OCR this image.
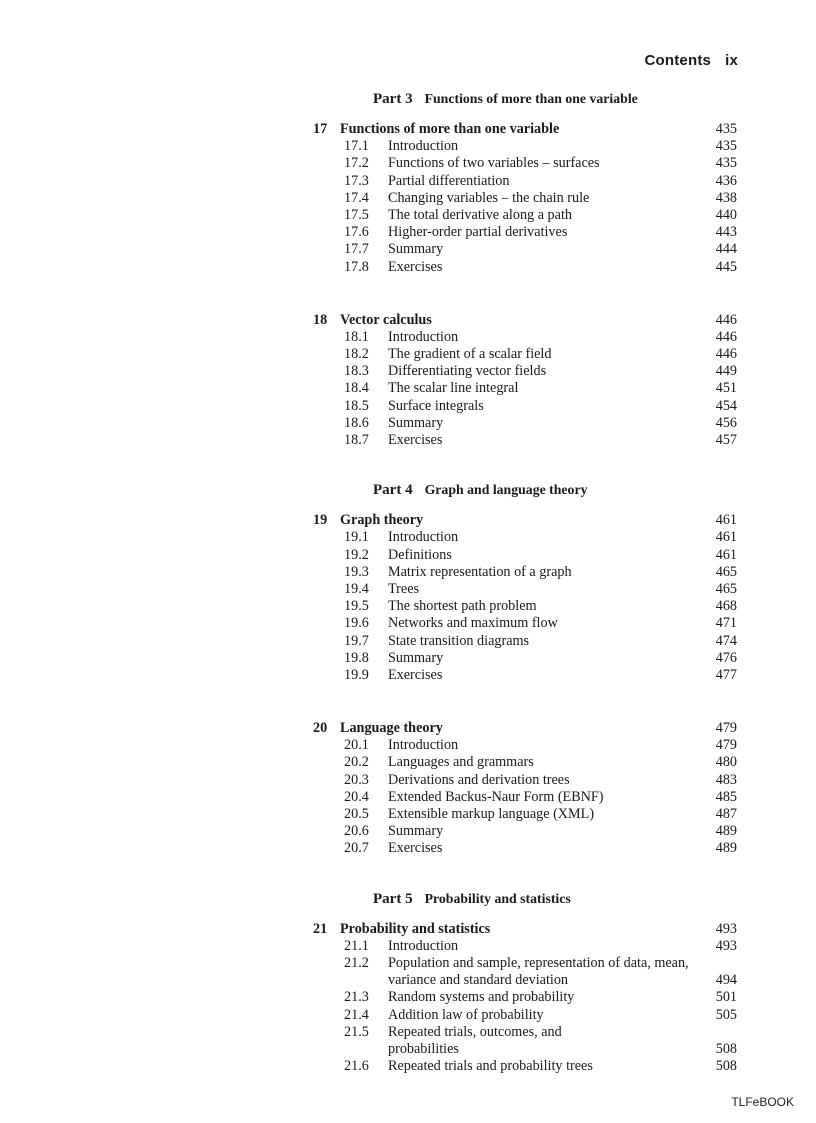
Contents ix
Part 3 Functions of more than one variable
17 Functions of more than one variable	435
17.1 Introduction	435
17.2 Functions of two variables – surfaces	435
17.3 Partial differentiation	436
17.4 Changing variables – the chain rule	438
17.5 The total derivative along a path	440
17.6 Higher-order partial derivatives	443
17.7 Summary	444
17.8 Exercises	445
18 Vector calculus	446
18.1 Introduction	446
18.2 The gradient of a scalar field	446
18.3 Differentiating vector fields	449
18.4 The scalar line integral	451
18.5 Surface integrals	454
18.6 Summary	456
18.7 Exercises	457
Part 4 Graph and language theory
19 Graph theory	461
19.1 Introduction	461
19.2 Definitions	461
19.3 Matrix representation of a graph	465
19.4 Trees	465
19.5 The shortest path problem	468
19.6 Networks and maximum flow	471
19.7 State transition diagrams	474
19.8 Summary	476
19.9 Exercises	477
20 Language theory	479
20.1 Introduction	479
20.2 Languages and grammars	480
20.3 Derivations and derivation trees	483
20.4 Extended Backus-Naur Form (EBNF)	485
20.5 Extensible markup language (XML)	487
20.6 Summary	489
20.7 Exercises	489
Part 5 Probability and statistics
21 Probability and statistics	493
21.1 Introduction	493
21.2 Population and sample, representation of data, mean,
variance and standard deviation	494
21.3 Random systems and probability	501
21.4 Addition law of probability	505
21.5 Repeated trials, outcomes, and
probabilities	508
21.6 Repeated trials and probability trees	508
TLFeBOOK
